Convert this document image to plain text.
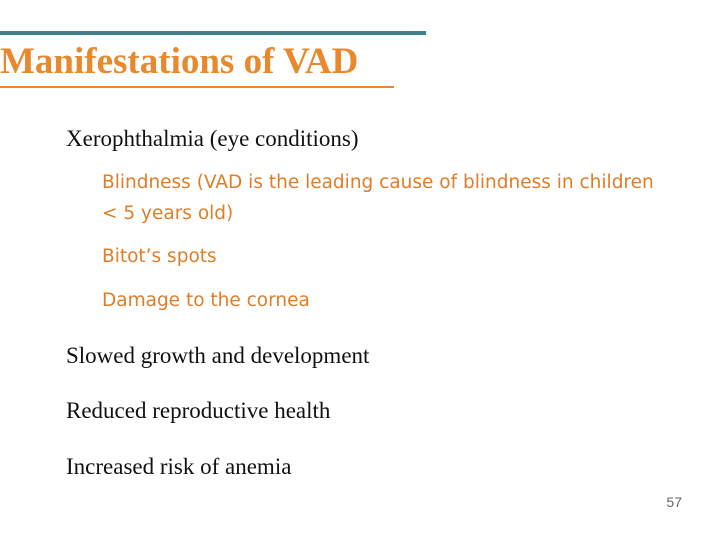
Manifestations of VAD
Xerophthalmia (eye conditions)
Blindness (VAD is the leading cause of blindness in children < 5 years old)
Bitot’s spots
Damage to the cornea
Slowed growth and development
Reduced reproductive health
Increased risk of anemia
57
